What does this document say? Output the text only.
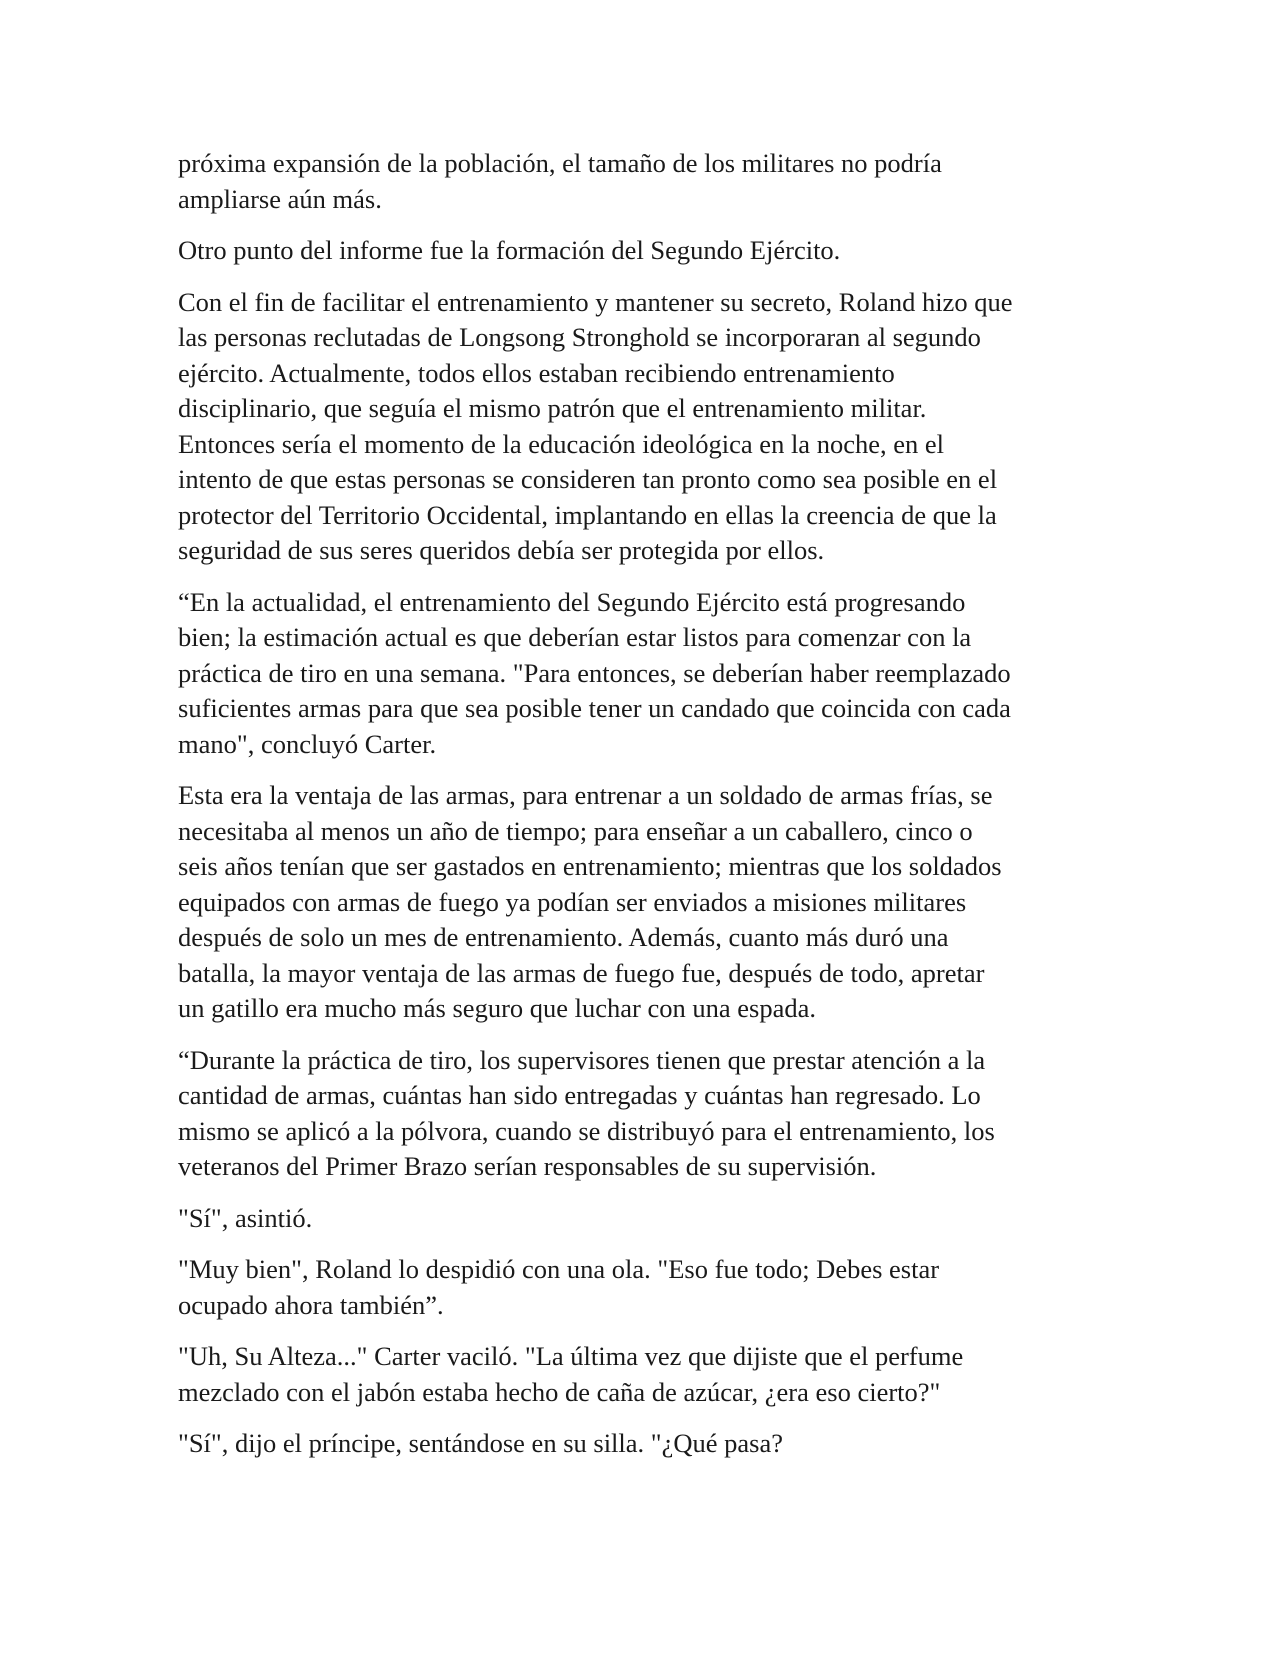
próxima expansión de la población, el tamaño de los militares no podría
ampliarse aún más.

Otro punto del informe fue la formación del Segundo Ejército.

Con el fin de facilitar el entrenamiento y mantener su secreto, Roland hizo que
las personas reclutadas de Longsong Stronghold se incorporaran al segundo
ejército. Actualmente, todos ellos estaban recibiendo entrenamiento
disciplinario, que seguía el mismo patrón que el entrenamiento militar.
Entonces sería el momento de la educación ideológica en la noche, en el
intento de que estas personas se consideren tan pronto como sea posible en el
protector del Territorio Occidental, implantando en ellas la creencia de que la
seguridad de sus seres queridos debía ser protegida por ellos.

“En la actualidad, el entrenamiento del Segundo Ejército está progresando
bien; la estimación actual es que deberían estar listos para comenzar con la
práctica de tiro en una semana. "Para entonces, se deberían haber reemplazado
suficientes armas para que sea posible tener un candado que coincida con cada
mano", concluyó Carter.

Esta era la ventaja de las armas, para entrenar a un soldado de armas frías, se
necesitaba al menos un año de tiempo; para enseñar a un caballero, cinco o
seis años tenían que ser gastados en entrenamiento; mientras que los soldados
equipados con armas de fuego ya podían ser enviados a misiones militares
después de solo un mes de entrenamiento. Además, cuanto más duró una
batalla, la mayor ventaja de las armas de fuego fue, después de todo, apretar
un gatillo era mucho más seguro que luchar con una espada.

“Durante la práctica de tiro, los supervisores tienen que prestar atención a la
cantidad de armas, cuántas han sido entregadas y cuántas han regresado. Lo
mismo se aplicó a la pólvora, cuando se distribuyó para el entrenamiento, los
veteranos del Primer Brazo serían responsables de su supervisión.

"Sí", asintió.

"Muy bien", Roland lo despidió con una ola. "Eso fue todo; Debes estar
ocupado ahora también”.

"Uh, Su Alteza..." Carter vaciló. "La última vez que dijiste que el perfume
mezclado con el jabón estaba hecho de caña de azúcar, ¿era eso cierto?"

"Sí", dijo el príncipe, sentándose en su silla. "¿Qué pasa?
